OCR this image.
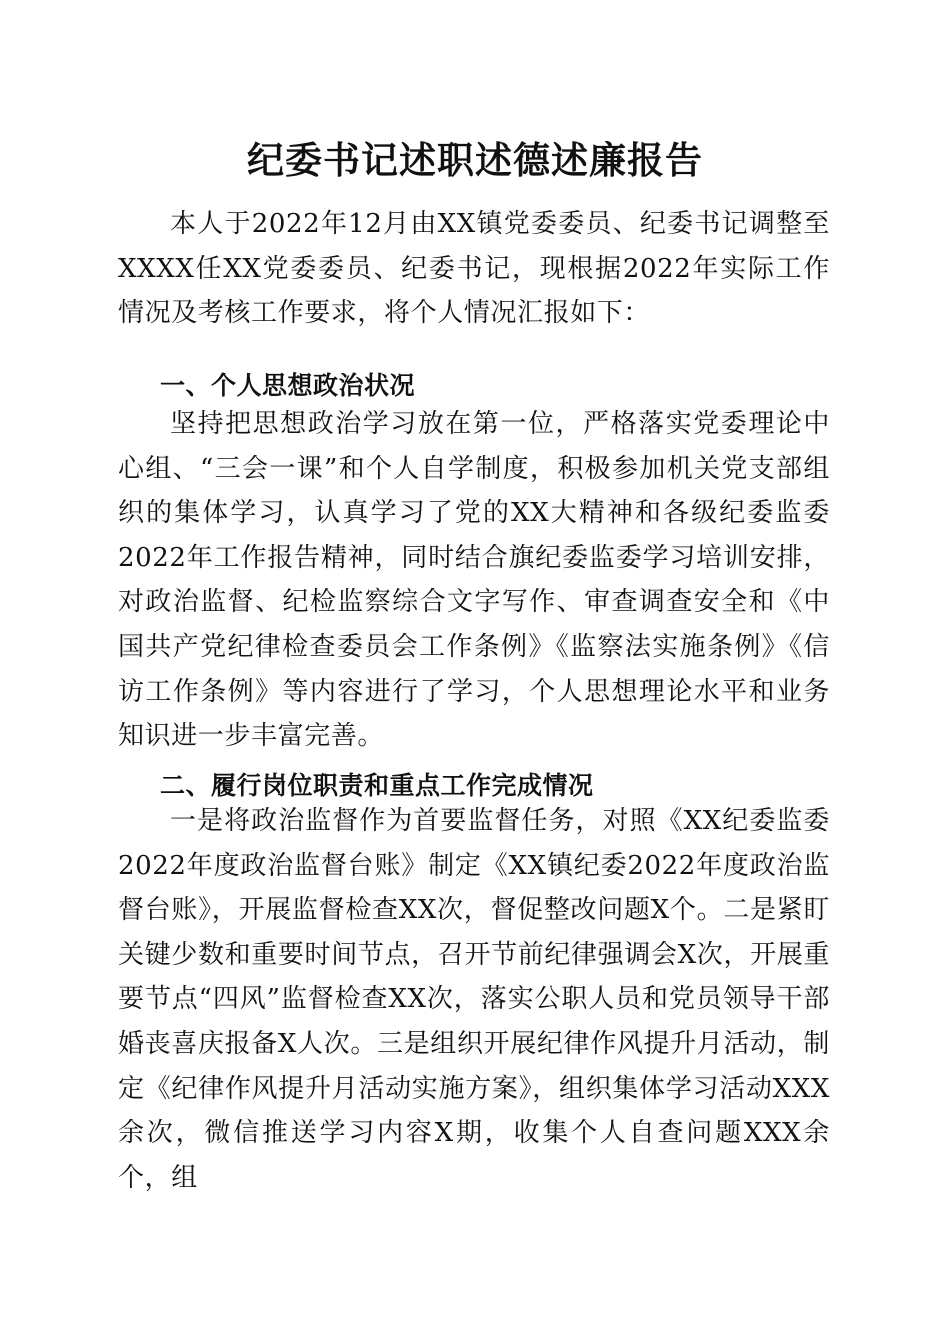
纪委书记述职述德述廉报告

本人于2022年12月由XX镇党委委员、纪委书记调整至XXXX任XX党委委员、纪委书记，现根据2022年实际工作情况及考核工作要求，将个人情况汇报如下：

一、个人思想政治状况

坚持把思想政治学习放在第一位，严格落实党委理论中心组、“三会一课”和个人自学制度，积极参加机关党支部组织的集体学习，认真学习了党的XX大精神和各级纪委监委2022年工作报告精神，同时结合旗纪委监委学习培训安排，对政治监督、纪检监察综合文字写作、审查调查安全和《中国共产党纪律检查委员会工作条例》《监察法实施条例》《信访工作条例》等内容进行了学习，个人思想理论水平和业务知识进一步丰富完善。

二、履行岗位职责和重点工作完成情况

一是将政治监督作为首要监督任务，对照《XX纪委监委2022年度政治监督台账》制定《XX镇纪委2022年度政治监督台账》，开展监督检查XX次，督促整改问题X个。二是紧盯关键少数和重要时间节点，召开节前纪律强调会X次，开展重要节点“四风”监督检查XX次，落实公职人员和党员领导干部婚丧喜庆报备X人次。三是组织开展纪律作风提升月活动，制定《纪律作风提升月活动实施方案》，组织集体学习活动XXX余次，微信推送学习内容X期，收集个人自查问题XXX余个，组
